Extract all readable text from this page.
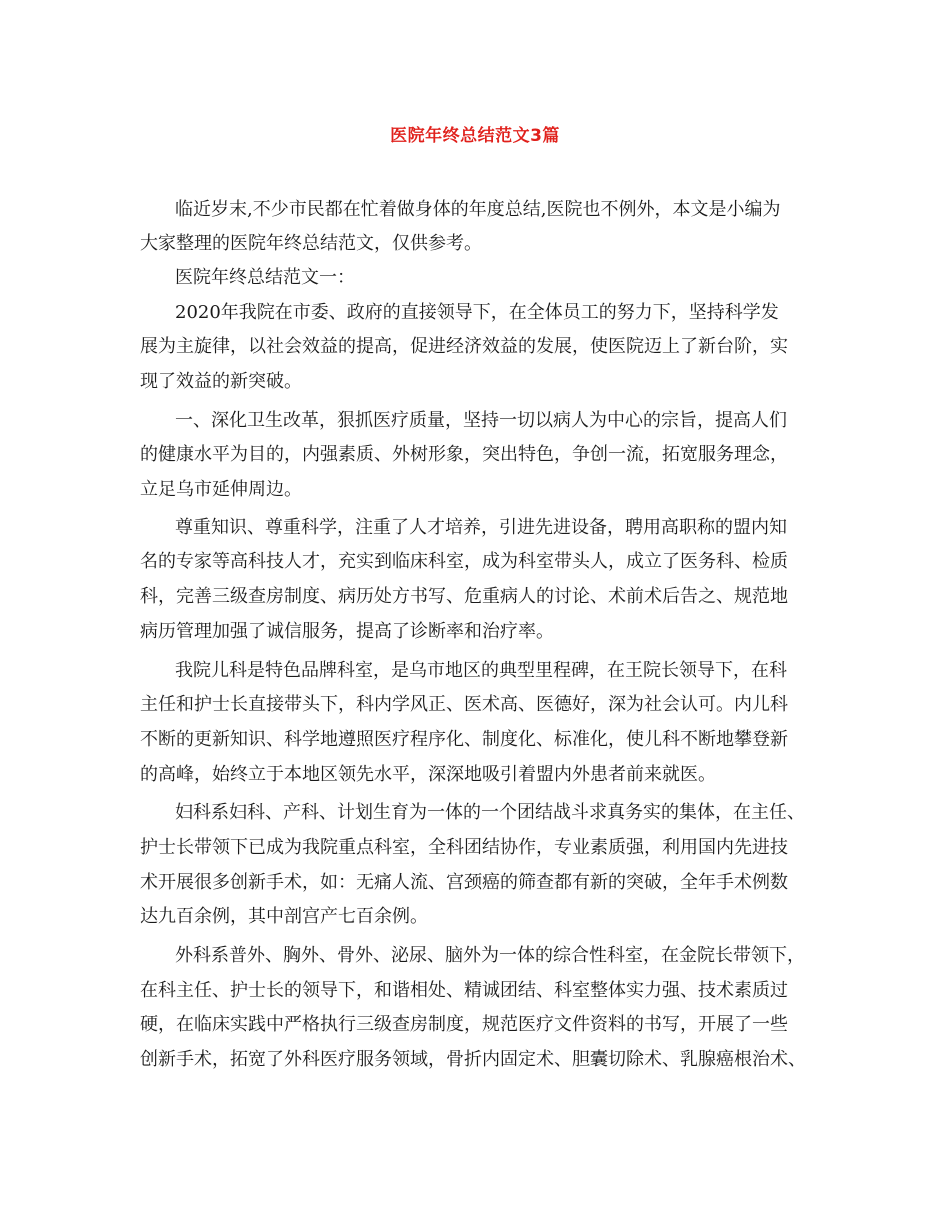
医院年终总结范文3篇
临近岁末,不少市民都在忙着做身体的年度总结,医院也不例外，本文是小编为
大家整理的医院年终总结范文，仅供参考。
医院年终总结范文一：
2020年我院在市委、政府的直接领导下，在全体员工的努力下，坚持科学发
展为主旋律，以社会效益的提高，促进经济效益的发展，使医院迈上了新台阶，实
现了效益的新突破。
一、深化卫生改革，狠抓医疗质量，坚持一切以病人为中心的宗旨，提高人们
的健康水平为目的，内强素质、外树形象，突出特色，争创一流，拓宽服务理念，
立足乌市延伸周边。
尊重知识、尊重科学，注重了人才培养，引进先进设备，聘用高职称的盟内知
名的专家等高科技人才，充实到临床科室，成为科室带头人，成立了医务科、检质
科，完善三级查房制度、病历处方书写、危重病人的讨论、术前术后告之、规范地
病历管理加强了诚信服务，提高了诊断率和治疗率。
我院儿科是特色品牌科室，是乌市地区的典型里程碑，在王院长领导下，在科
主任和护士长直接带头下，科内学风正、医术高、医德好，深为社会认可。内儿科
不断的更新知识、科学地遵照医疗程序化、制度化、标准化，使儿科不断地攀登新
的高峰，始终立于本地区领先水平，深深地吸引着盟内外患者前来就医。
妇科系妇科、产科、计划生育为一体的一个团结战斗求真务实的集体，在主任、
护士长带领下已成为我院重点科室，全科团结协作，专业素质强，利用国内先进技
术开展很多创新手术，如：无痛人流、宫颈癌的筛查都有新的突破，全年手术例数
达九百余例，其中剖宫产七百余例。
外科系普外、胸外、骨外、泌尿、脑外为一体的综合性科室，在金院长带领下，
在科主任、护士长的领导下，和谐相处、精诚团结、科室整体实力强、技术素质过
硬，在临床实践中严格执行三级查房制度，规范医疗文件资料的书写，开展了一些
创新手术，拓宽了外科医疗服务领域，骨折内固定术、胆囊切除术、乳腺癌根治术、
